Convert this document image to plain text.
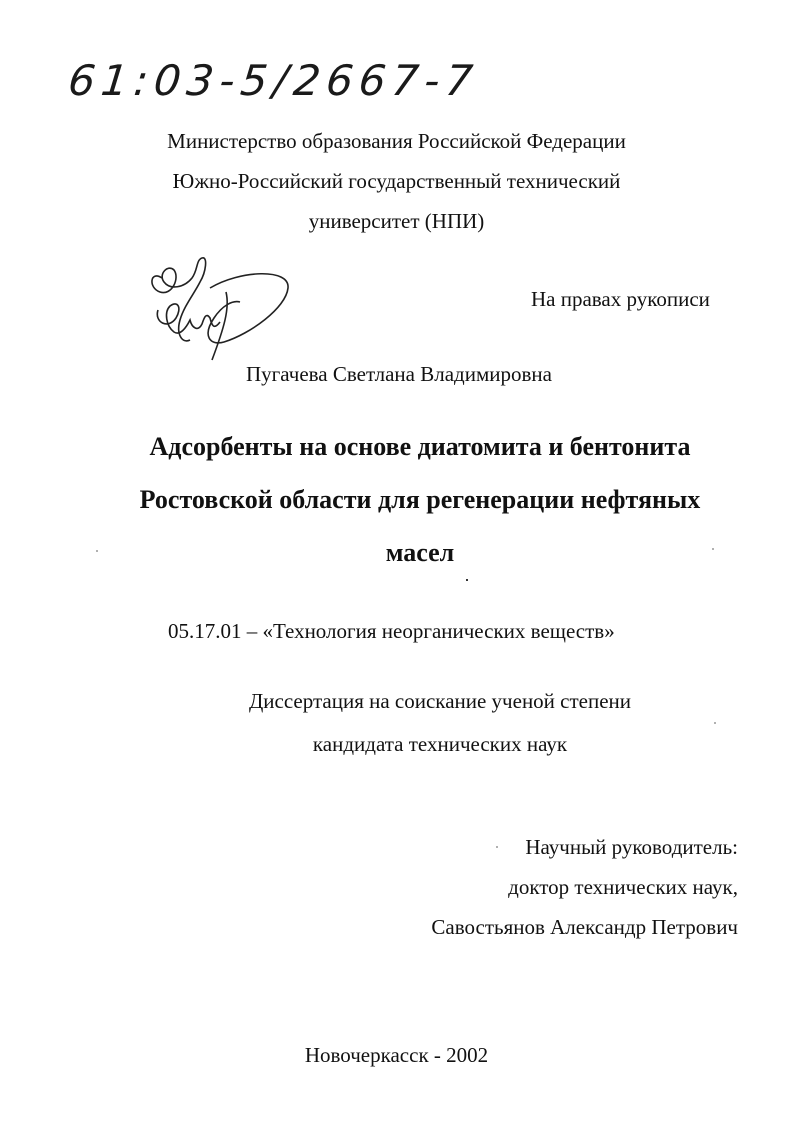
61:03-5/2667-7
Министерство образования Российской Федерации
Южно-Российский государственный технический
университет (НПИ)
На правах рукописи
Пугачева Светлана Владимировна
Адсорбенты на основе диатомита и бентонита
Ростовской области для регенерации нефтяных
масел
05.17.01 – «Технология неорганических веществ»
Диссертация на соискание ученой степени
кандидата технических наук
Научный руководитель:
доктор технических наук,
Савостьянов Александр Петрович
Новочеркасск - 2002
